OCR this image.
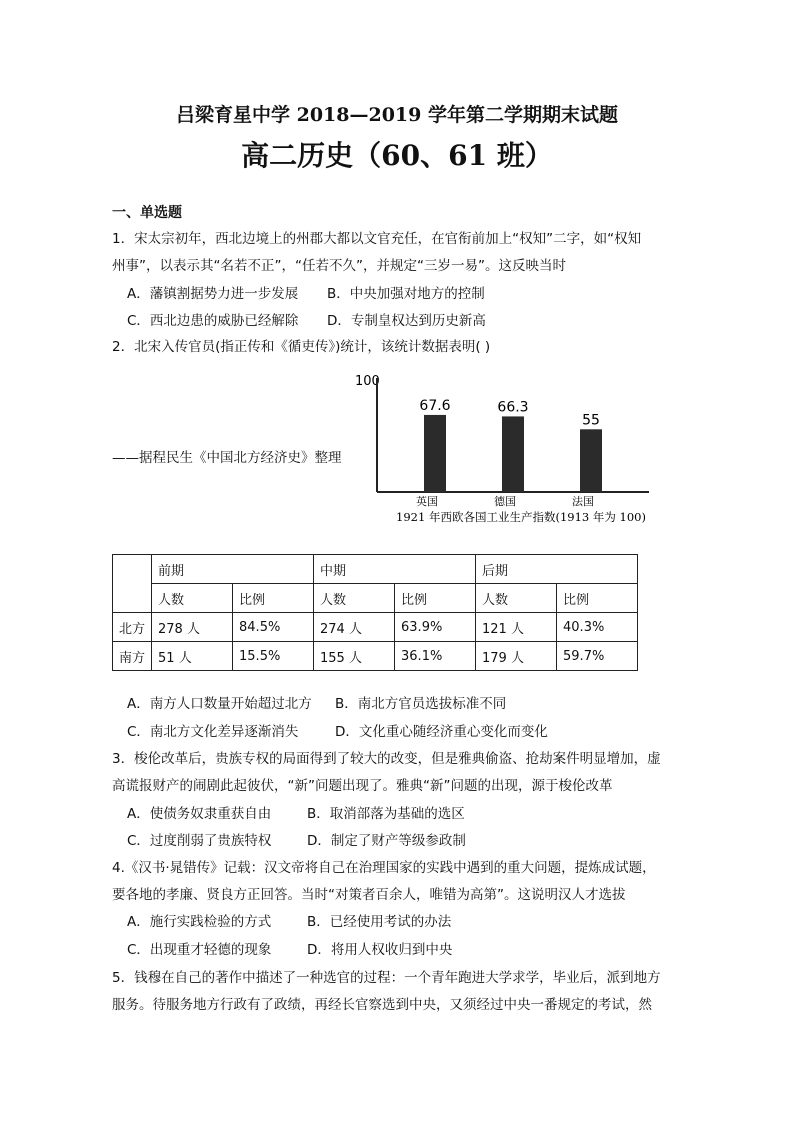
吕梁育星中学 2018—2019 学年第二学期期末试题
高二历史（60、61 班）
一、单选题
1．宋太宗初年，西北边境上的州郡大都以文官充任，在官衔前加上“权知”二字，如“权知
州事”，以表示其“名若不正”，“任若不久”，并规定“三岁一易”。这反映当时
A．藩镇割据势力进一步发展 B．中央加强对地方的控制
C．西北边患的威胁已经解除 D．专制皇权达到历史新高
2．北宋入传官员(指正传和《循吏传》)统计，该统计数据表明( )
——据程民生《中国北方经济史》整理
100
67.6
英国
66.3
德国
55
法国
1921 年西欧各国工业生产指数(1913 年为 100)
	前期		中期		后期	
	人数	比例	人数	比例	人数	比例
北方	278 人	84.5%	274 人	63.9%	121 人	40.3%
南方	51 人	15.5%	155 人	36.1%	179 人	59.7%
A．南方人口数量开始超过北方 B．南北方官员选拔标准不同
C．南北方文化差异逐渐消失	D．文化重心随经济重心变化而变化
3．梭伦改革后，贵族专权的局面得到了较大的改变，但是雅典偷盗、抢劫案件明显增加，虚
高谎报财产的闹剧此起彼伏，“新”问题出现了。雅典“新”问题的出现，源于梭伦改革
A．使债务奴隶重获自由	B．取消部落为基础的选区
C．过度削弱了贵族特权	D．制定了财产等级参政制
4.《汉书·晁错传》记载：汉文帝将自己在治理国家的实践中遇到的重大问题，提炼成试题，
要各地的孝廉、贤良方正回答。当时“对策者百余人，唯错为高第”。这说明汉人才选拔
A．施行实践检验的方式	B．已经使用考试的办法
C．出现重才轻德的现象	D．将用人权收归到中央
5．钱穆在自己的著作中描述了一种选官的过程：一个青年跑进大学求学，毕业后，派到地方
服务。待服务地方行政有了政绩，再经长官察选到中央，又须经过中央一番规定的考试，然
